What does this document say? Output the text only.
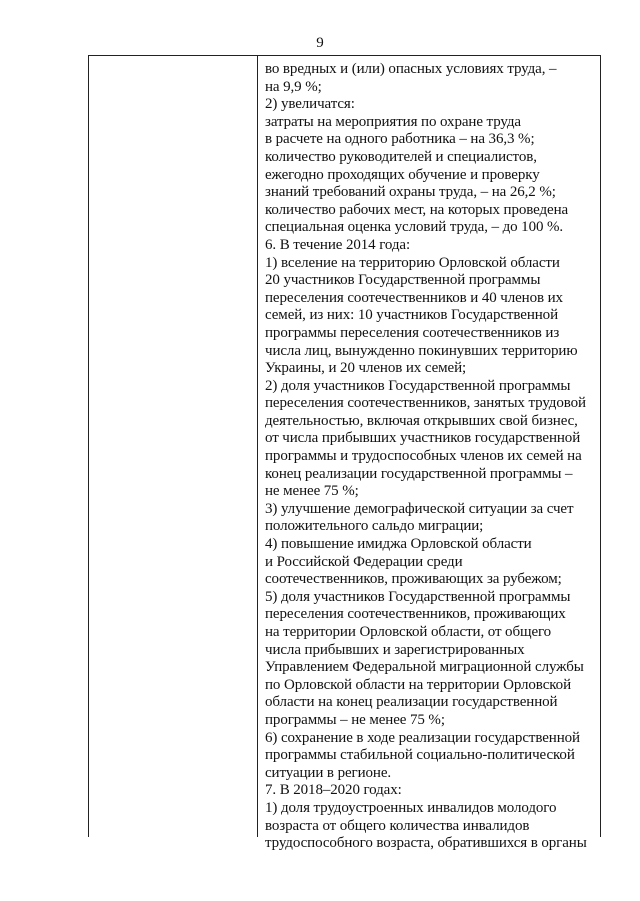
9
во вредных и (или) опасных условиях труда, –
на 9,9 %;
2) увеличатся:
затраты на мероприятия по охране труда
в расчете на одного работника – на 36,3 %;
количество руководителей и специалистов,
ежегодно проходящих обучение и проверку
знаний требований охраны труда, – на 26,2 %;
количество рабочих мест, на которых проведена
специальная оценка условий труда, – до 100 %.
6. В течение 2014 года:
1) вселение на территорию Орловской области
20 участников Государственной программы
переселения соотечественников и 40 членов их
семей, из них: 10 участников Государственной
программы переселения соотечественников из
числа лиц, вынужденно покинувших территорию
Украины, и 20 членов их семей;
2) доля участников Государственной программы
переселения соотечественников, занятых трудовой
деятельностью, включая открывших свой бизнес,
от числа прибывших участников государственной
программы и трудоспособных членов их семей на
конец реализации государственной программы –
не менее 75 %;
3) улучшение демографической ситуации за счет
положительного сальдо миграции;
4) повышение имиджа Орловской области
и Российской Федерации среди
соотечественников, проживающих за рубежом;
5) доля участников Государственной программы
переселения соотечественников, проживающих
на территории Орловской области, от общего
числа прибывших и зарегистрированных
Управлением Федеральной миграционной службы
по Орловской области на территории Орловской
области на конец реализации государственной
программы – не менее 75 %;
6) сохранение в ходе реализации государственной
программы стабильной социально-политической
ситуации в регионе.
7. В 2018–2020 годах:
1) доля трудоустроенных инвалидов молодого
возраста от общего количества инвалидов
трудоспособного возраста, обратившихся в органы
